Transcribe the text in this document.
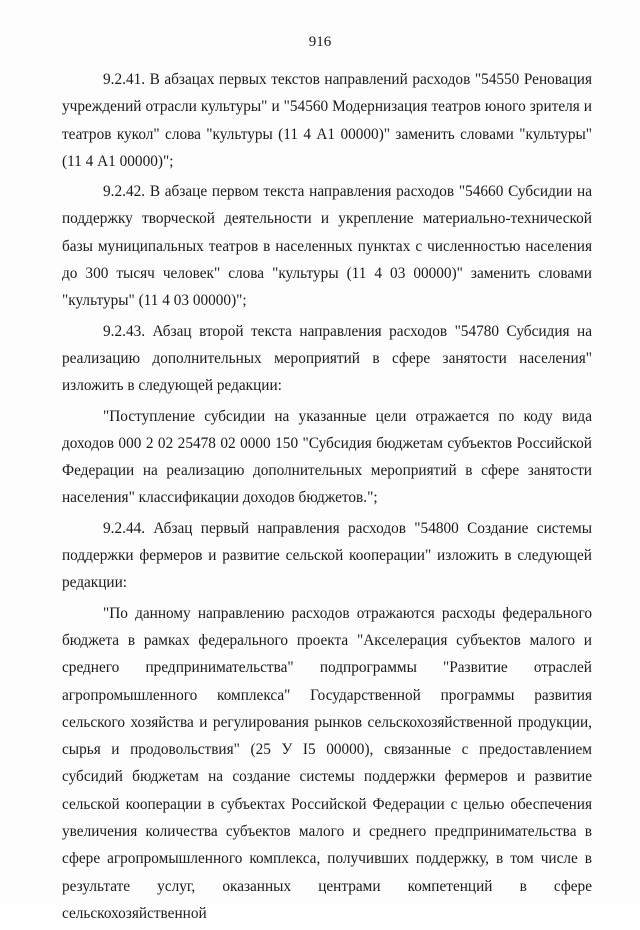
916

9.2.41. В абзацах первых текстов направлений расходов "54550 Реновация учреждений отрасли культуры" и "54560 Модернизация театров юного зрителя и театров кукол" слова "культуры (11 4 А1 00000)" заменить словами "культуры" (11 4 А1 00000)";

9.2.42. В абзаце первом текста направления расходов "54660 Субсидии на поддержку творческой деятельности и укрепление материально-технической базы муниципальных театров в населенных пунктах с численностью населения до 300 тысяч человек" слова "культуры (11 4 03 00000)" заменить словами "культуры" (11 4 03 00000)";

9.2.43. Абзац второй текста направления расходов "54780 Субсидия на реализацию дополнительных мероприятий в сфере занятости населения" изложить в следующей редакции:

"Поступление субсидии на указанные цели отражается по коду вида доходов 000 2 02 25478 02 0000 150 "Субсидия бюджетам субъектов Российской Федерации на реализацию дополнительных мероприятий в сфере занятости населения" классификации доходов бюджетов.";

9.2.44. Абзац первый направления расходов "54800 Создание системы поддержки фермеров и развитие сельской кооперации" изложить в следующей редакции:

"По данному направлению расходов отражаются расходы федерального бюджета в рамках федерального проекта "Акселерация субъектов малого и среднего предпринимательства" подпрограммы "Развитие отраслей агропромышленного комплекса" Государственной программы развития сельского хозяйства и регулирования рынков сельскохозяйственной продукции, сырья и продовольствия" (25 У I5 00000), связанные с предоставлением субсидий бюджетам на создание системы поддержки фермеров и развитие сельской кооперации в субъектах Российской Федерации с целью обеспечения увеличения количества субъектов малого и среднего предпринимательства в сфере агропромышленного комплекса, получивших поддержку, в том числе в результате услуг, оказанных центрами компетенций в сфере сельскохозяйственной
